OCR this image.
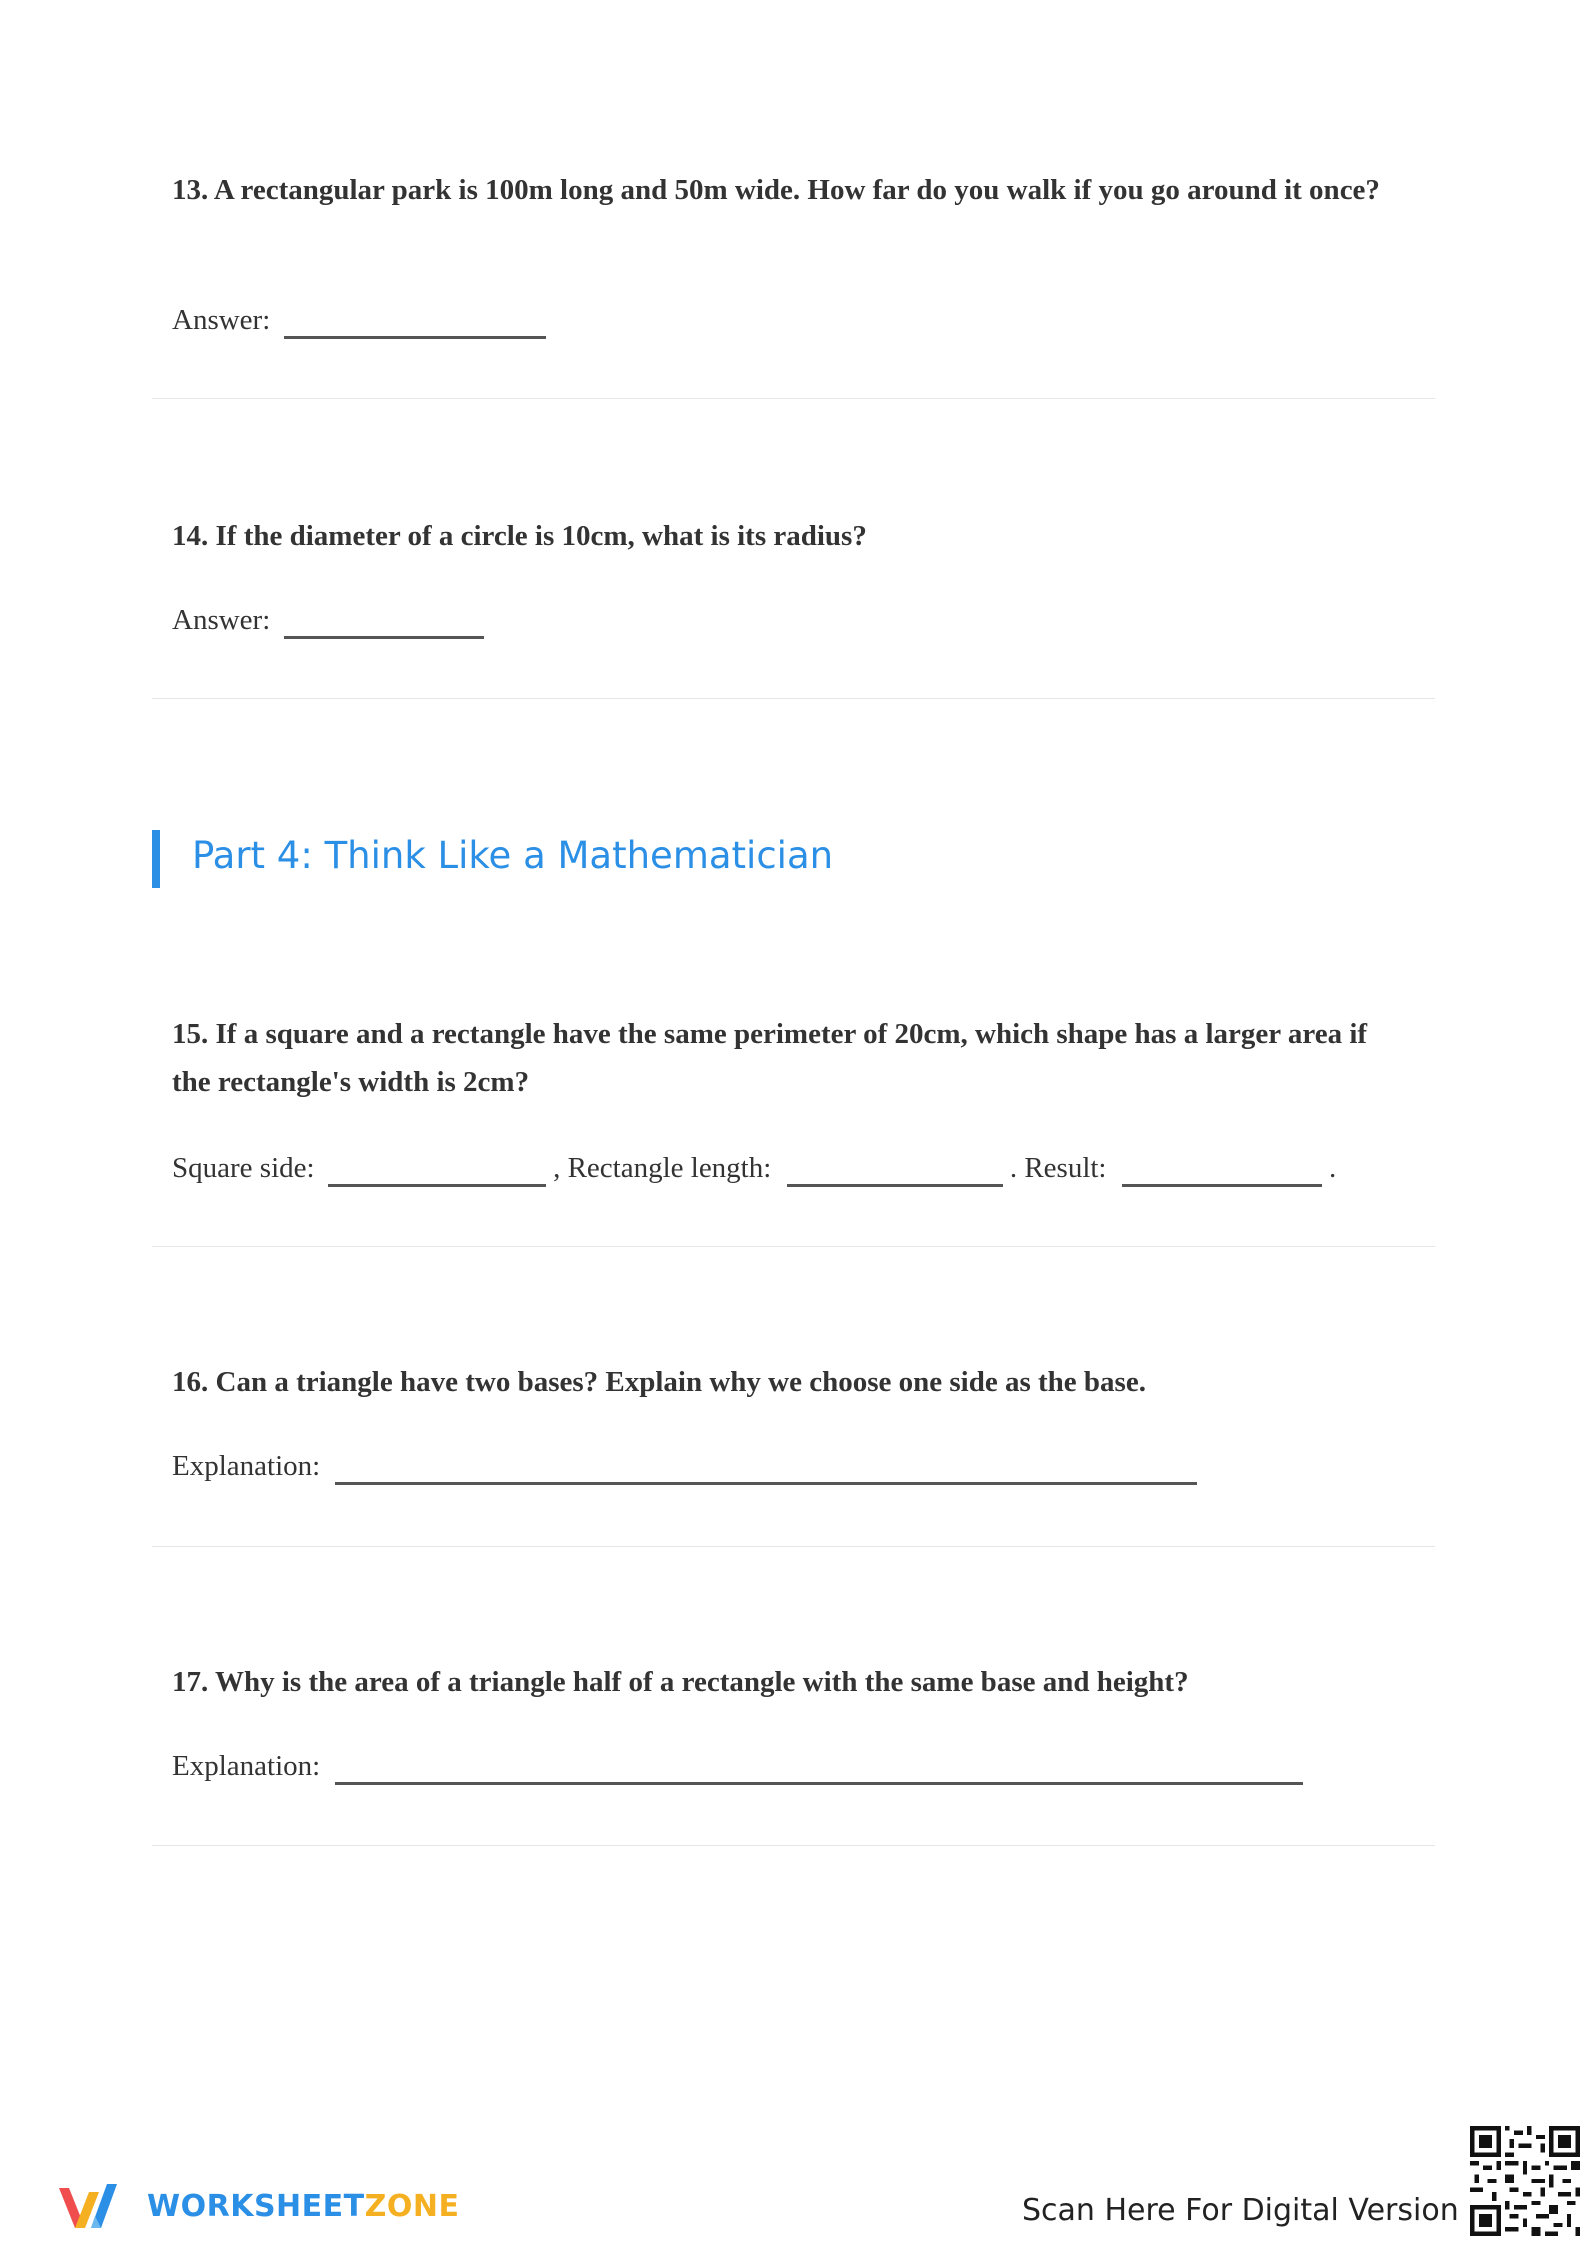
13. A rectangular park is 100m long and 50m wide. How far do you walk if you go around it once?

Answer:

14. If the diameter of a circle is 10cm, what is its radius?

Answer:

Part 4: Think Like a Mathematician

15. If a square and a rectangle have the same perimeter of 20cm, which shape has a larger area if the rectangle's width is 2cm?

Square side:	, Rectangle length:	. Result:	.

16. Can a triangle have two bases? Explain why we choose one side as the base.

Explanation:

17. Why is the area of a triangle half of a rectangle with the same base and height?

Explanation:
WORKSHEETZONE	Scan Here For Digital Version
